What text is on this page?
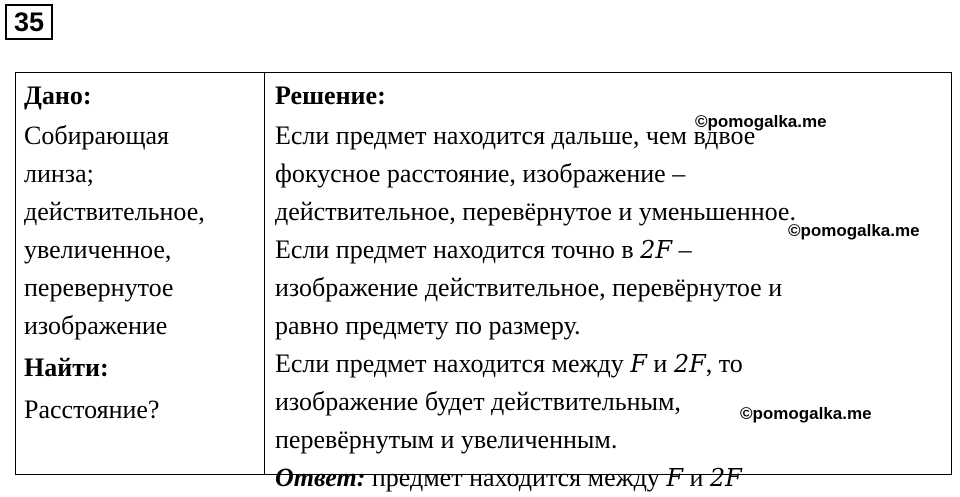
35
Дано:
Собирающая
линза;
действительное,
увеличенное,
перевернутое
изображение
Найти:
Расстояние?
Решение:
Если предмет находится дальше, чем вдвое
фокусное расстояние, изображение –
действительное, перевёрнутое и уменьшенное.
Если предмет находится точно в 2F –
изображение действительное, перевёрнутое и
равно предмету по размеру.
Если предмет находится между F и 2F, то
изображение будет действительным,
перевёрнутым и увеличенным.
Ответ: предмет находится между F и 2F
©pomogalka.me
©pomogalka.me
©pomogalka.me
